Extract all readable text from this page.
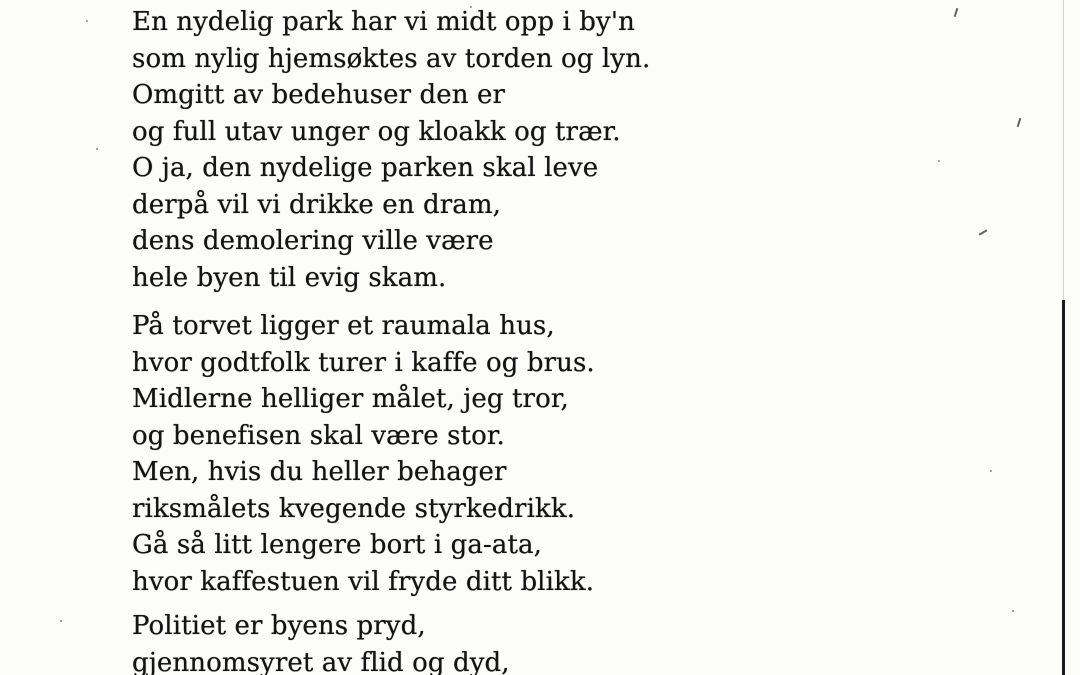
En nydelig park har vi midt opp i by'n
som nylig hjemsøktes av torden og lyn.
Omgitt av bedehuser den er
og full utav unger og kloakk og trær.
O ja, den nydelige parken skal leve
derpå vil vi drikke en dram,
dens demolering ville være
hele byen til evig skam.
På torvet ligger et raumala hus,
hvor godtfolk turer i kaffe og brus.
Midlerne helliger målet, jeg tror,
og benefisen skal være stor.
Men, hvis du heller behager
riksmålets kvegende styrkedrikk.
Gå så litt lengere bort i ga-ata,
hvor kaffestuen vil fryde ditt blikk.
Politiet er byens pryd,
gjennomsyret av flid og dyd,
